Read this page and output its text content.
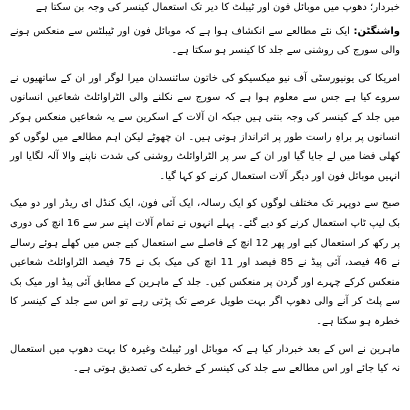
خبردار؛ دھوپ میں موبائل فون اور ٹیبلٹ کا دیر تک استعمال کینسر کی وجہ بن سکتا ہے

واشنگٹن: ایک نئے مطالعے سے انکشاف ہوا ہے کہ موبائل فون اور ٹیبلٹس سے منعکس ہونے والی سورج کی روشنی سے جلد کا کینسر ہو سکتا ہے۔

امریکا کی یونیورسٹی آف نیو میکسیکو کی خاتون سائنسدان میرا لوگر اور ان کے ساتھیوں نے سروے کیا ہے جس سے معلوم ہوا ہے کہ سورج سے نکلنے والی الٹراوائلٹ شعاعیں انسانوں میں جلد کے کینسر کی وجہ بنتی ہیں جبکہ ان آلات کے اسکرین سے یہ شعاعیں منعکس ہوکر انسانوں پر براہِ راست طور پر اثرانداز ہوتی ہیں۔ ان چھوٹے لیکن اہم مطالعے میں لوگوں کو کھلی فضا میں لے جایا گیا اور ان کے سر پر الٹراوائلٹ روشنی کی شدت ناپنے والا آلہ لگایا اور انہیں موبائل فون اور دیگر آلات استعمال کرنے کو کہا گیا۔

صبح سے دوپہر تک مختلف لوگوں کو ایک رسالہ، ایک آئی فون، ایک کنڈل ای ریڈر اور دو میک بک لیپ ٹاپ استعمال کرنے کو دیے گئے۔ پہلے انہوں نے تمام آلات اپنے سر سے 16 انچ کی دوری پر رکھ کر استعمال کیے اور پھر 12 انچ کے فاصلے سے استعمال کیے جس میں کھلے ہوئے رسالے نے 46 فیصد، آئی پیڈ نے 85 فیصد اور 11 انچ کی میک بک نے 75 فیصد الٹراوائلٹ شعاعیں منعکس کرکے چہرے اور گردن پر منعکس کیں۔ جلد کے ماہرین کے مطابق آئی پیڈ اور میک بک سے پلٹ کر آنے والی دھوپ اگر بہت طویل عرصے تک پڑتی رہے تو اس سے جلد کے کینسر کا خطرہ ہو سکتا ہے۔

ماہرین نے اس کے بعد خبردار کیا ہے کہ موبائل اور ٹیبلٹ وغیرہ کا بہت دھوپ میں استعمال نہ کیا جائے اور اس مطالعے سے جلد کی کینسر کے خطرے کی تصدیق ہوتی ہے۔
